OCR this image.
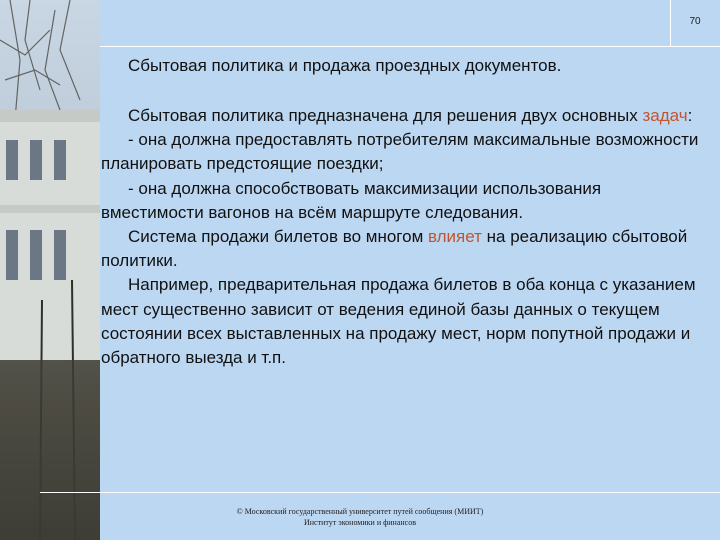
70
Сбытовая политика и продажа проездных документов.

Сбытовая политика предназначена для решения двух основных задач:

- она должна предоставлять потребителям максимальные возможности планировать предстоящие поездки;

- она должна способствовать максимизации использования вместимости вагонов на всём маршруте следования.

Система продажи билетов во многом влияет на реализацию сбытовой политики.

Например, предварительная продажа билетов в оба конца с указанием мест существенно зависит от ведения единой базы данных о текущем состоянии всех выставленных на продажу мест, норм попутной продажи и обратного выезда и т.п.

© Московский государственный университет путей сообщения (МИИТ)
Институт экономики и финансов
